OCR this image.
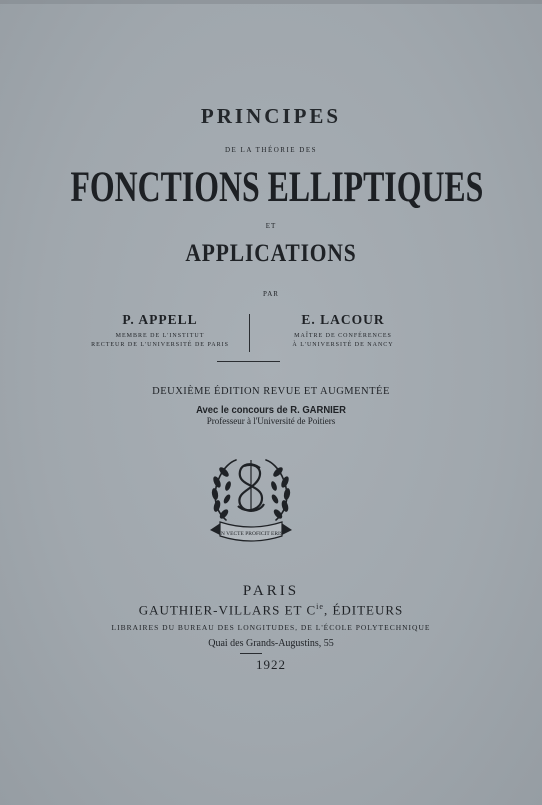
PRINCIPES
DE LA THÉORIE DES
FONCTIONS ELLIPTIQUES
ET
APPLICATIONS
PAR
P. APPELL
MEMBRE DE L'INSTITUT
RECTEUR DE L'UNIVERSITÉ DE PARIS
E. LACOUR
MAÎTRE DE CONFÉRENCES
À L'UNIVERSITÉ DE NANCY
DEUXIÈME ÉDITION REVUE ET AUGMENTÉE
Avec le concours de R. GARNIER
Professeur à l'Université de Poitiers
IN VECTE PROFICIT ERIS
PARIS
GAUTHIER-VILLARS ET $C^{ie}$, ÉDITEURS
LIBRAIRES DU BUREAU DES LONGITUDES, DE L'ÉCOLE POLYTECHNIQUE
Quai des Grands-Augustins, 55
1922
